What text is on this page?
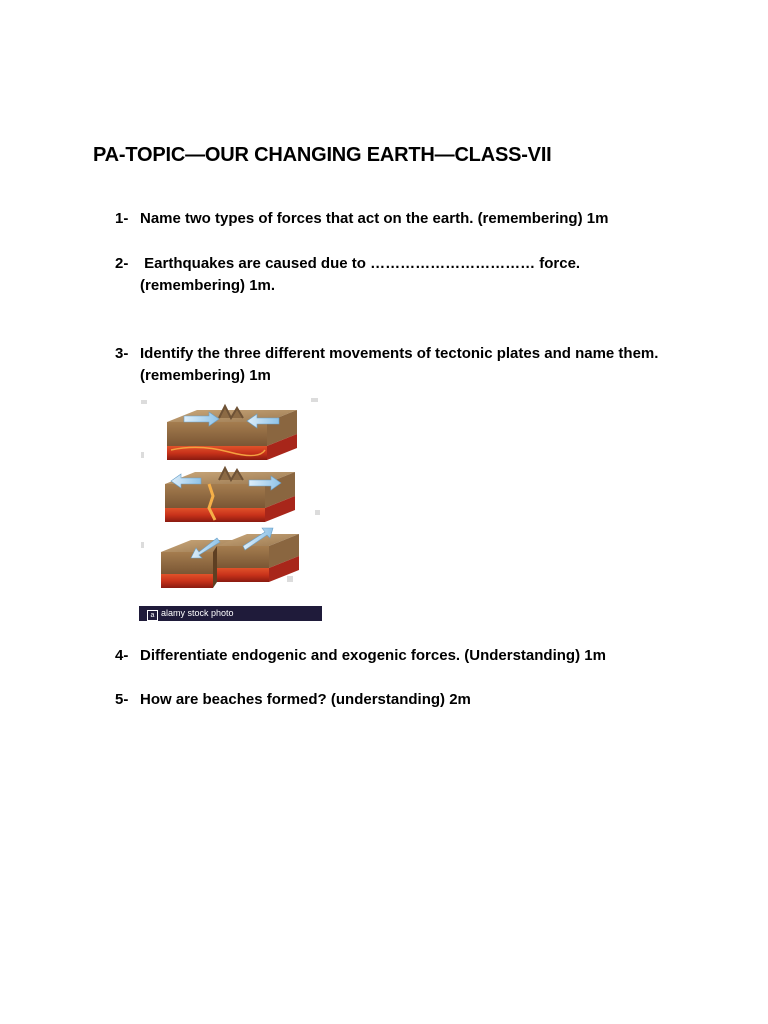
PA-TOPIC—OUR CHANGING EARTH—CLASS-VII
1- Name two types of forces that act on the earth. (remembering) 1m
2- Earthquakes are caused due to …………………………… force. (remembering) 1m.
3- Identify the three different movements of tectonic plates and name them. (remembering) 1m
a alamy stock photo
4- Differentiate endogenic and exogenic forces. (Understanding) 1m
5- How are beaches formed? (understanding) 2m
